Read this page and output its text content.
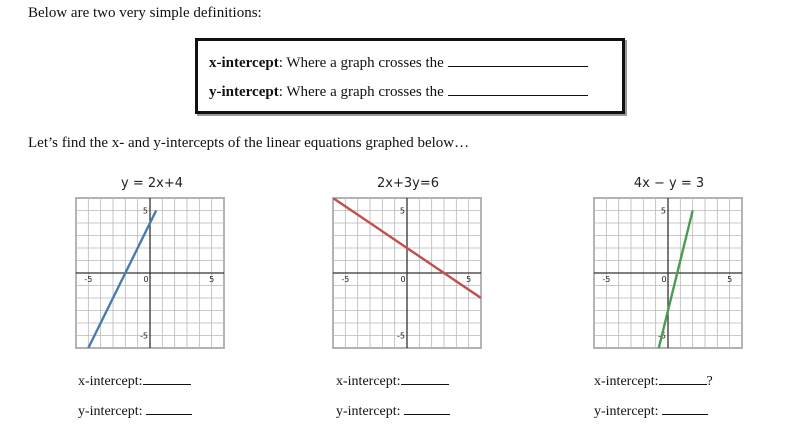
Below are two very simple definitions:
x-intercept: Where a graph crosses the
y-intercept: Where a graph crosses the
Let’s find the x- and y-intercepts of the linear equations graphed below…
y = 2x+4
-5	5
0
5
-5
x-intercept:
y-intercept:
2x+3y=6
-5	5
0
5
-5
x-intercept:
y-intercept:
4x − y = 3
-5	5
0
5
-5
x-intercept:	?
y-intercept:
